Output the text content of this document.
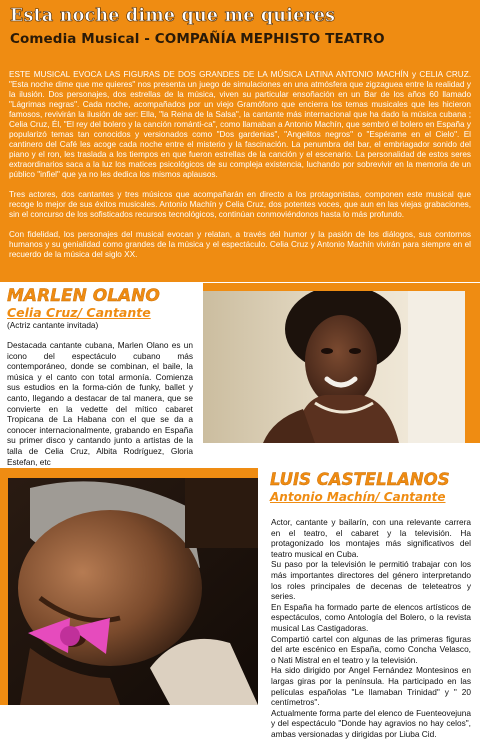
Esta noche dime que me quieres
Comedia Musical - COMPAÑÍA MEPHISTO TEATRO

ESTE MUSICAL EVOCA LAS FIGURAS DE DOS GRANDES DE LA MÚSICA LATINA ANTONIO MACHÍN y CELIA CRUZ. "Esta noche dime que me quieres" nos presenta un juego de simulaciones en una atmósfera que zigzaguea entre la realidad y la ilusión. Dos personajes, dos estrellas de la música, viven su particular ensoñación en un Bar de los años 60 llamado "Lágrimas negras". Cada noche, acompañados por un viejo Gramófono que encierra los temas musicales que les hicieron famosos, revivirán la ilusión de ser: Ella, "la Reina de la Salsa", la cantante más internacional que ha dado la música cubana ; Celia Cruz, Él, "El rey del bolero y la canción románti-ca", como llamaban a Antonio Machín, que sembró el bolero en España y popularizó temas tan conocidos y versionados como "Dos gardenias", "Angelitos negros" o "Espérame en el Cielo". El cantinero del Café les acoge cada noche entre el misterio y la fascinación. La penumbra del bar, el embriagador sonido del piano y el ron, les traslada a los tiempos en que fueron estrellas de la canción y el escenario. La personalidad de estos seres extraordinarios saca a la luz los matices psicológicos de su compleja existencia, luchando por sobrevivir en la memoria de un público "infiel" que ya no les dedica los mismos aplausos.

Tres actores, dos cantantes y tres músicos que acompañarán en directo a los protagonistas, componen este musical que recoge lo mejor de sus éxitos musicales. Antonio Machín y Celia Cruz, dos potentes voces, que aun en las viejas grabaciones, sin el concurso de los sofisticados recursos tecnológicos, continúan conmoviéndonos hasta lo más profundo.

Con fidelidad, los personajes del musical evocan y relatan, a través del humor y la pasión de los diálogos, sus contornos humanos y su genialidad como grandes de la música y el espectáculo. Celia Cruz y Antonio Machín vivirán para siempre en el recuerdo de la música del siglo XX.

MARLEN OLANO
Celia Cruz/ Cantante
(Actriz cantante invitada)

Destacada cantante cubana, Marlen Olano es un icono del espectáculo cubano más contemporáneo, donde se combinan, el baile, la música y el canto con total armonía. Comienza sus estudios en la forma-ción de funky, ballet y canto, llegando a destacar de tal manera, que se convierte en la vedette del mítico cabaret Tropicana de La Habana con el que se da a conocer internacionalmente, grabando en España su primer disco y cantando junto a artistas de la talla de Celia Cruz, Albita Rodríguez, Gloria Estefan, etc

LUIS CASTELLANOS
Antonio Machín/ Cantante

Actor, cantante y bailarín, con una relevante carrera en el teatro, el cabaret y la televisión. Ha protagonizado los montajes más significativos del teatro musical en Cuba.

Su paso por la televisión le permitió trabajar con los más importantes directores del género interpretando los roles principales de decenas de teleteatros y series.

En España ha formado parte de elencos artísticos de espectáculos, como Antología del Bolero, o la revista musical Las Castigadoras.

Compartió cartel con algunas de las primeras figuras del arte escénico en España, como Concha Velasco, o Nati Mistral en el teatro y la televisión.

Ha sido dirigido por Angel Fernández Montesinos en largas giras por la península. Ha participado en las películas españolas "Le llamaban Trinidad" y " 20 centímetros".

Actualmente forma parte del elenco de Fuenteovejuna y del espectáculo "Donde hay agravios no hay celos", ambas versionadas y dirigidas por Liuba Cid.
